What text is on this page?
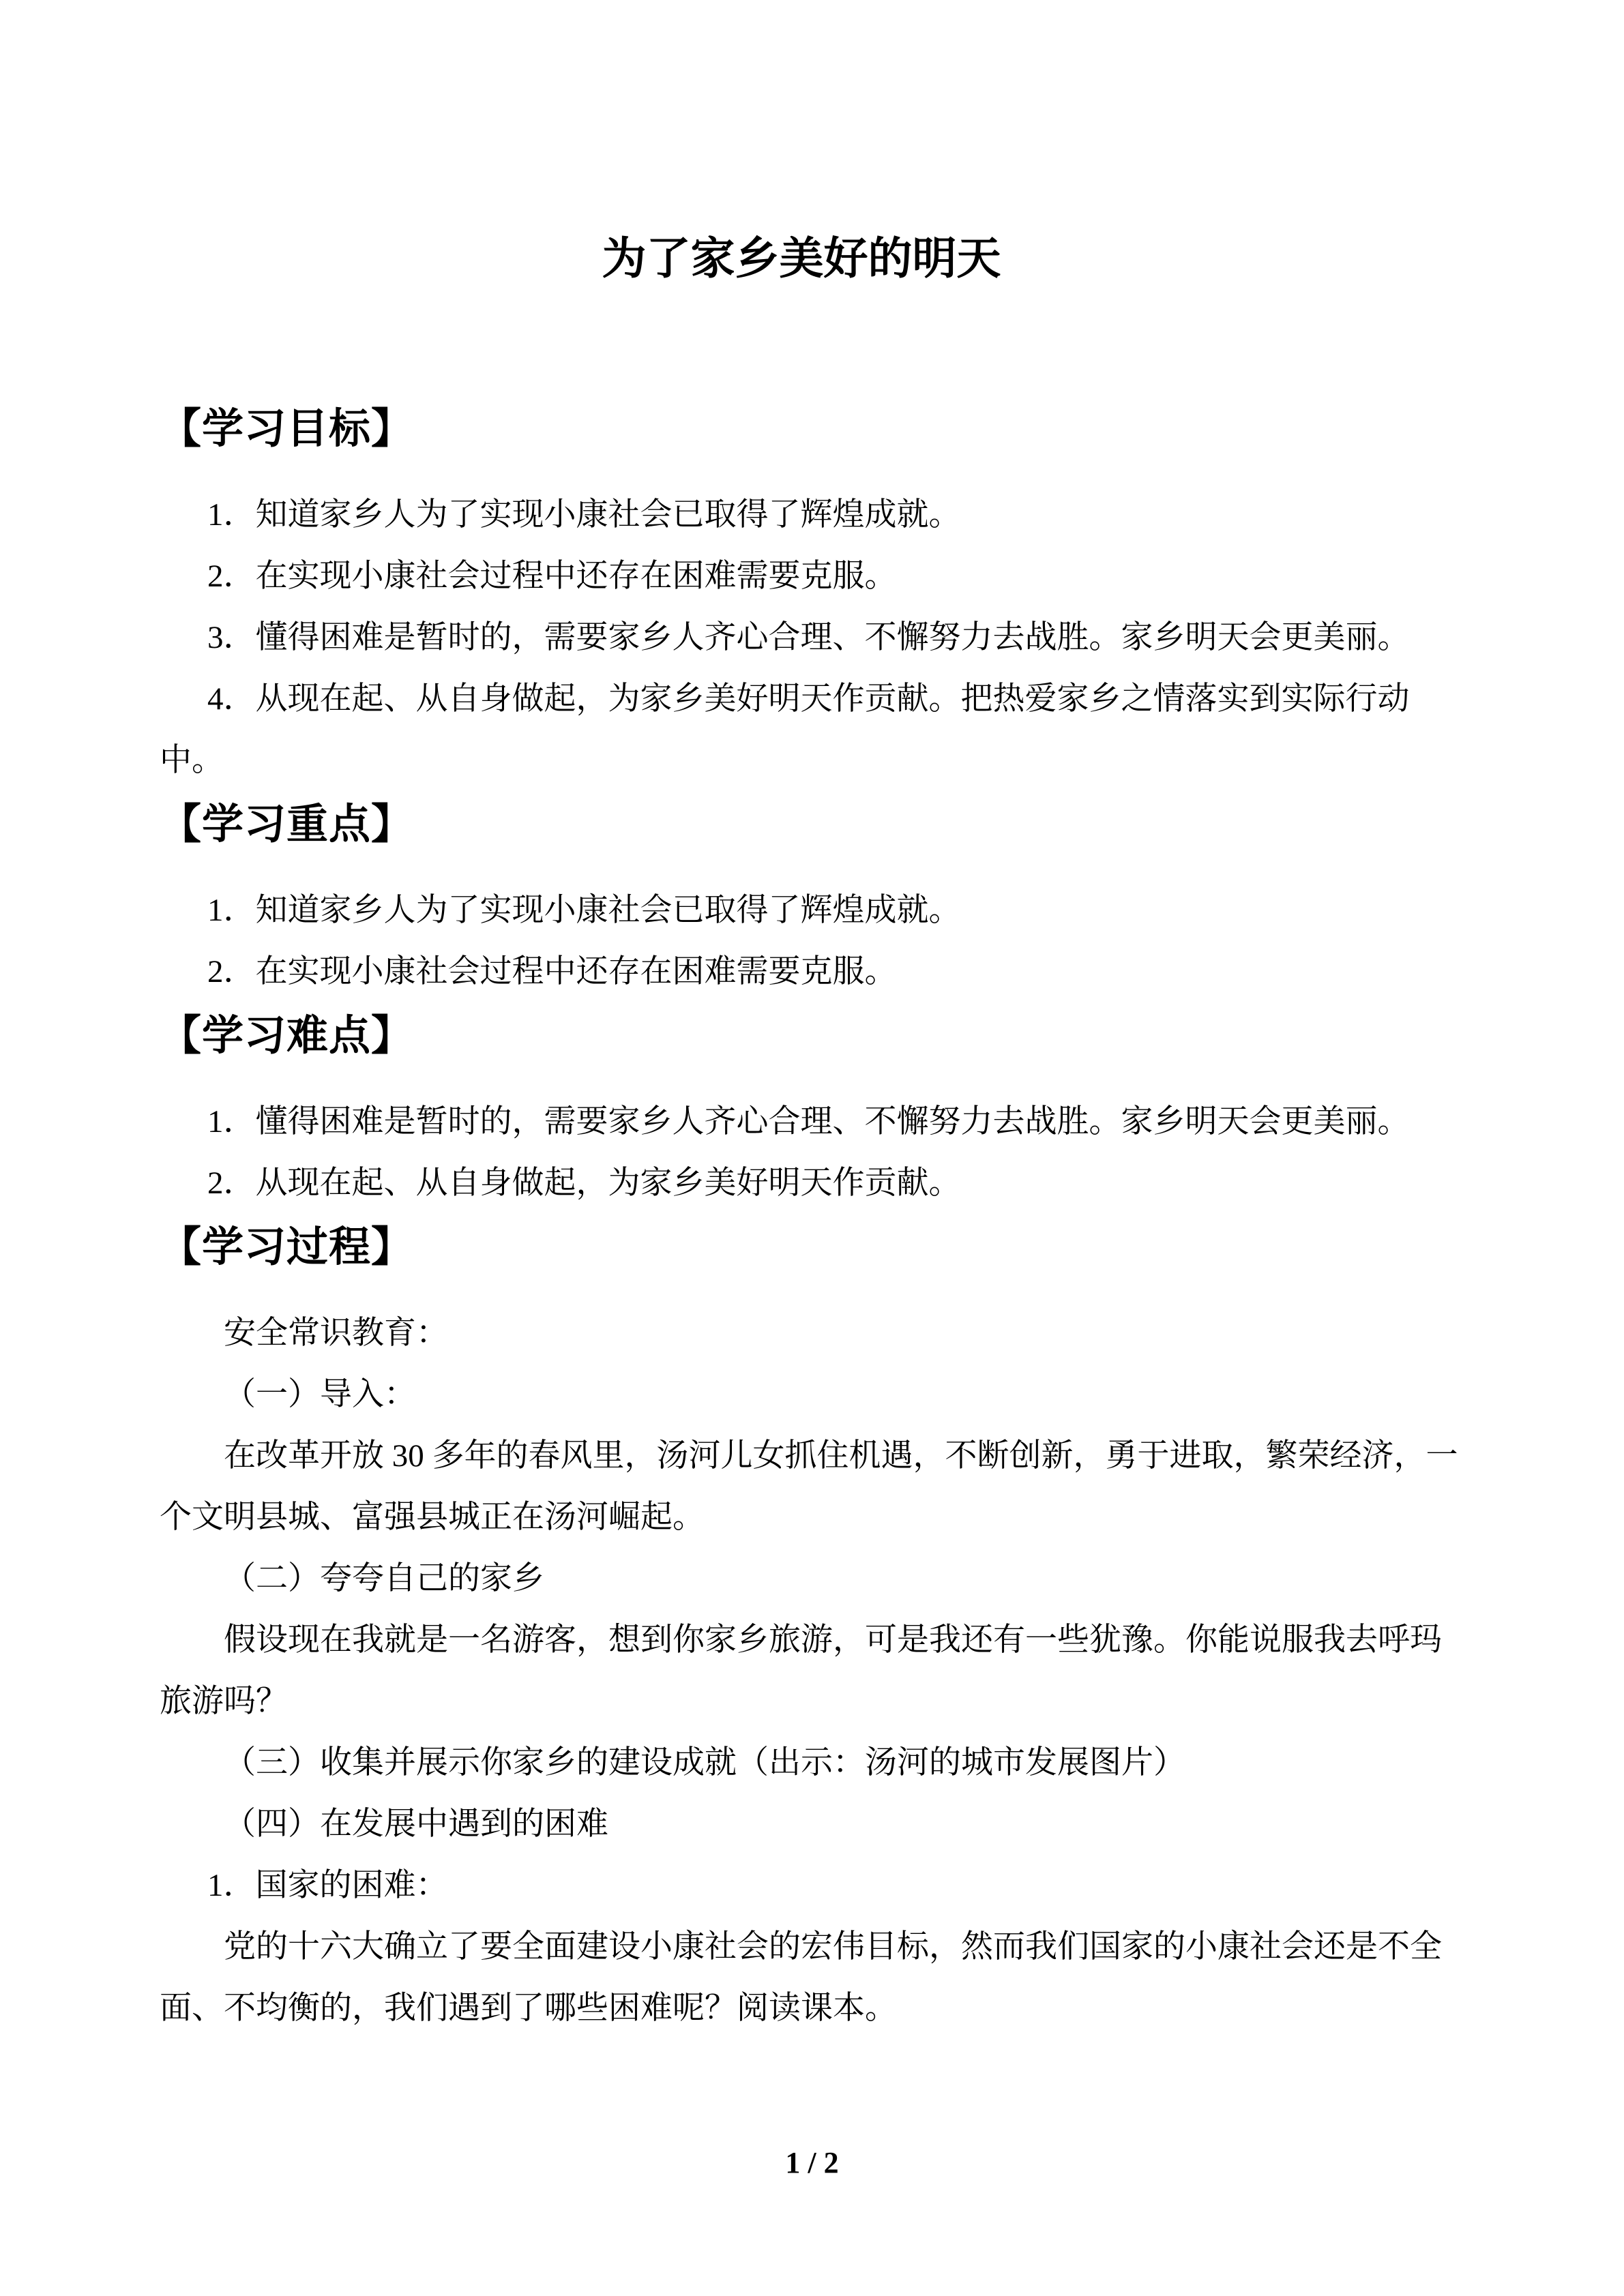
为了家乡美好的明天
【学习目标】

1．知道家乡人为了实现小康社会已取得了辉煌成就。

2．在实现小康社会过程中还存在困难需要克服。

3．懂得困难是暂时的，需要家乡人齐心合理、不懈努力去战胜。家乡明天会更美丽。

4．从现在起、从自身做起，为家乡美好明天作贡献。把热爱家乡之情落实到实际行动

中。

【学习重点】

1．知道家乡人为了实现小康社会已取得了辉煌成就。

2．在实现小康社会过程中还存在困难需要克服。

【学习难点】

1．懂得困难是暂时的，需要家乡人齐心合理、不懈努力去战胜。家乡明天会更美丽。

2．从现在起、从自身做起，为家乡美好明天作贡献。

【学习过程】

安全常识教育：

（一）导入：

在改革开放 30 多年的春风里，汤河儿女抓住机遇，不断创新，勇于进取，繁荣经济，一

个文明县城、富强县城正在汤河崛起。

（二）夸夸自己的家乡

假设现在我就是一名游客，想到你家乡旅游，可是我还有一些犹豫。你能说服我去呼玛

旅游吗？

（三）收集并展示你家乡的建设成就（出示：汤河的城市发展图片）

（四）在发展中遇到的困难

1．国家的困难：

党的十六大确立了要全面建设小康社会的宏伟目标，然而我们国家的小康社会还是不全

面、不均衡的，我们遇到了哪些困难呢？阅读课本。

1 / 2
